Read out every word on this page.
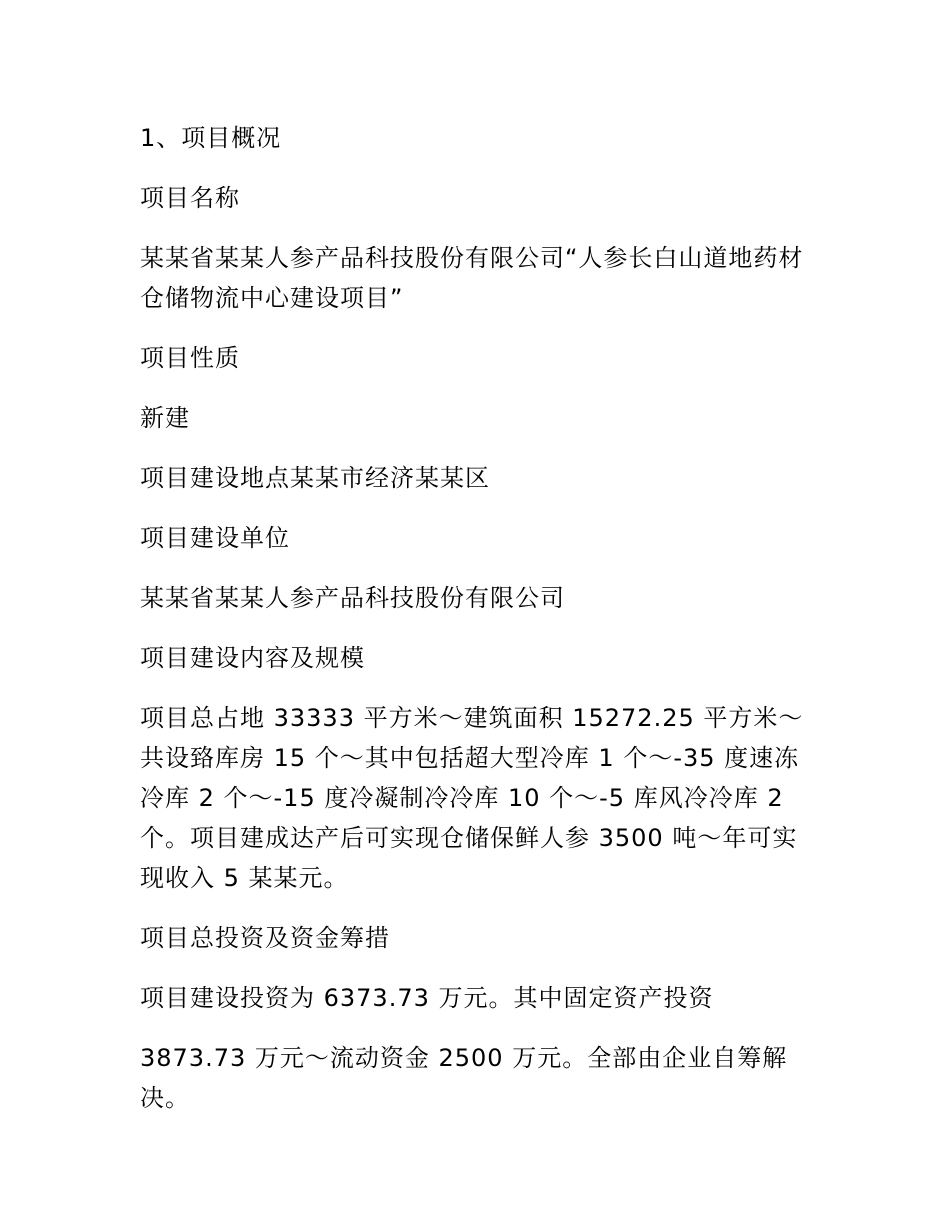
1、项目概况

项目名称

某某省某某人参产品科技股份有限公司“人参长白山道地药材仓储物流中心建设项目”

项目性质

新建

项目建设地点某某市经济某某区

项目建设单位

某某省某某人参产品科技股份有限公司

项目建设内容及规模

项目总占地 33333 平方米～建筑面积 15272.25 平方米～共设臵库房 15 个～其中包括超大型冷库 1 个～-35 度速冻冷库 2 个～-15 度冷凝制冷冷库 10 个～-5 库风冷冷库 2 个。项目建成达产后可实现仓储保鲜人参 3500 吨～年可实现收入 5 某某元。

项目总投资及资金筹措

项目建设投资为 6373.73 万元。其中固定资产投资

3873.73 万元～流动资金 2500 万元。全部由企业自筹解决。
